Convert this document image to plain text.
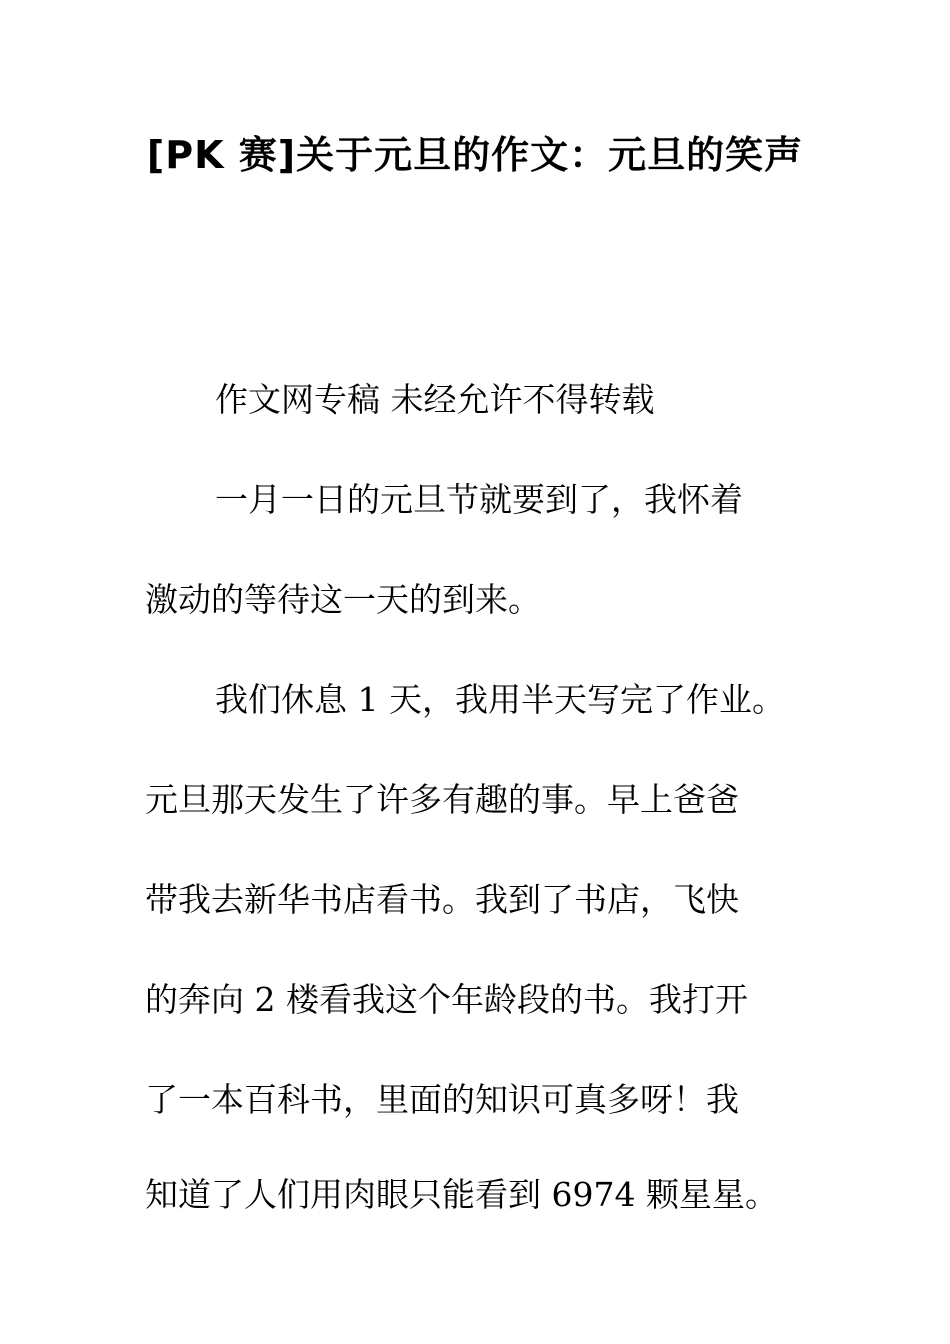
[PK 赛]关于元旦的作文：元旦的笑声
作文网专稿 未经允许不得转载
一月一日的元旦节就要到了，我怀着
激动的等待这一天的到来。
我们休息 1 天，我用半天写完了作业。
元旦那天发生了许多有趣的事。早上爸爸
带我去新华书店看书。我到了书店，飞快
的奔向 2 楼看我这个年龄段的书。我打开
了一本百科书，里面的知识可真多呀！我
知道了人们用肉眼只能看到 6974 颗星星。
